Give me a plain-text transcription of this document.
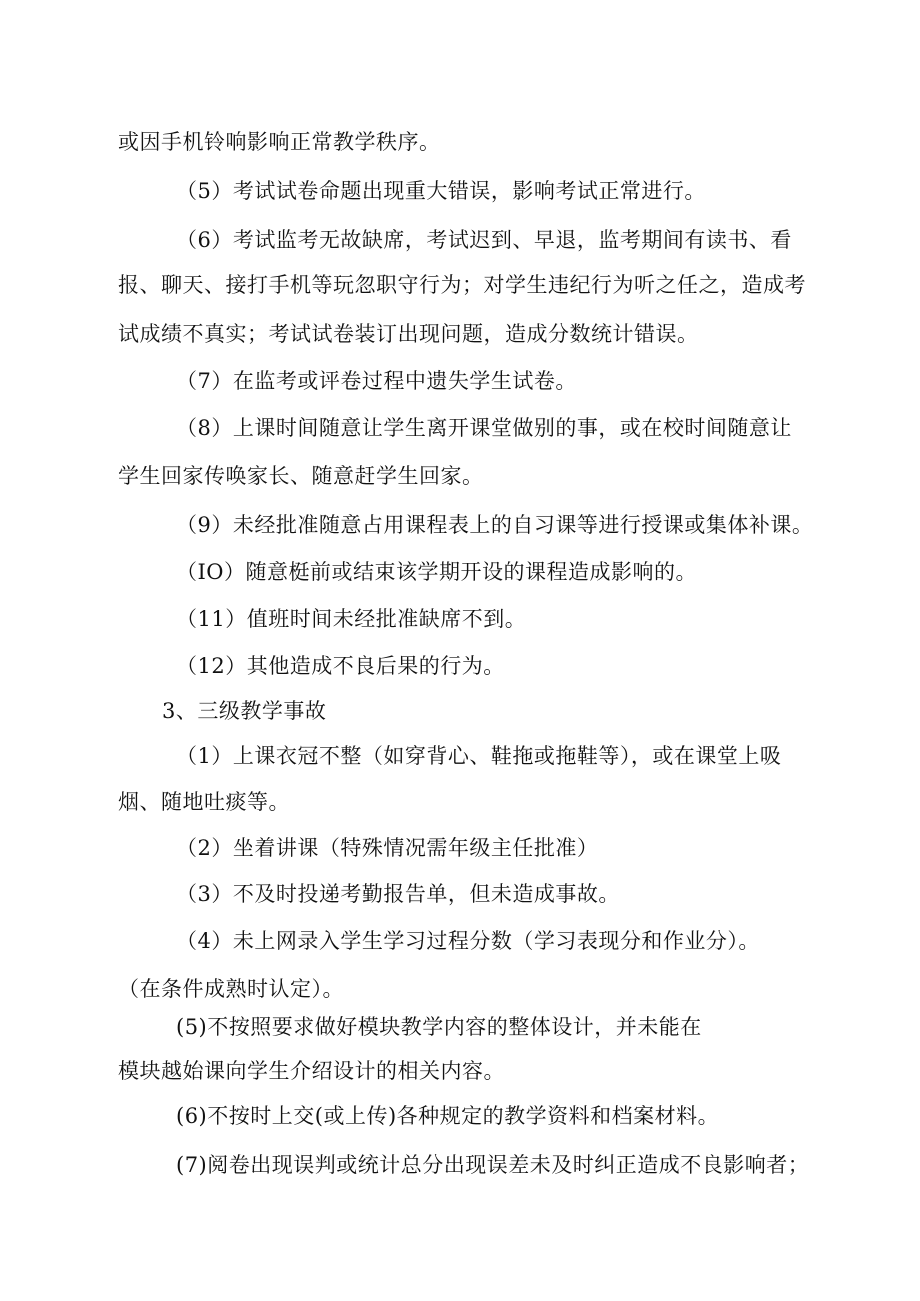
或因手机铃响影响正常教学秩序。
（5）考试试卷命题出现重大错误，影响考试正常进行。
（6）考试监考无故缺席，考试迟到、早退，监考期间有读书、看
报、聊天、接打手机等玩忽职守行为；对学生违纪行为听之任之，造成考
试成绩不真实；考试试卷装订出现问题，造成分数统计错误。
（7）在监考或评卷过程中遗失学生试卷。
（8）上课时间随意让学生离开课堂做别的事，或在校时间随意让
学生回家传唤家长、随意赶学生回家。
（9）未经批准随意占用课程表上的自习课等进行授课或集体补课。
（IO）随意梃前或结束该学期开设的课程造成影响的。
（11）值班时间未经批准缺席不到。
（12）其他造成不良后果的行为。
3、三级教学事故
（1）上课衣冠不整（如穿背心、鞋拖或拖鞋等），或在课堂上吸
烟、随地吐痰等。
（2）坐着讲课（特殊情况需年级主任批准）
（3）不及时投递考勤报告单，但未造成事故。
（4）未上网录入学生学习过程分数（学习表现分和作业分）。
（在条件成熟时认定）。
(5)不按照要求做好模块教学内容的整体设计，并未能在
模块越始课向学生介绍设计的相关内容。
(6)不按时上交(或上传)各种规定的教学资料和档案材料。
(7)阅卷出现误判或统计总分出现误差未及时纠正造成不良影响者；
